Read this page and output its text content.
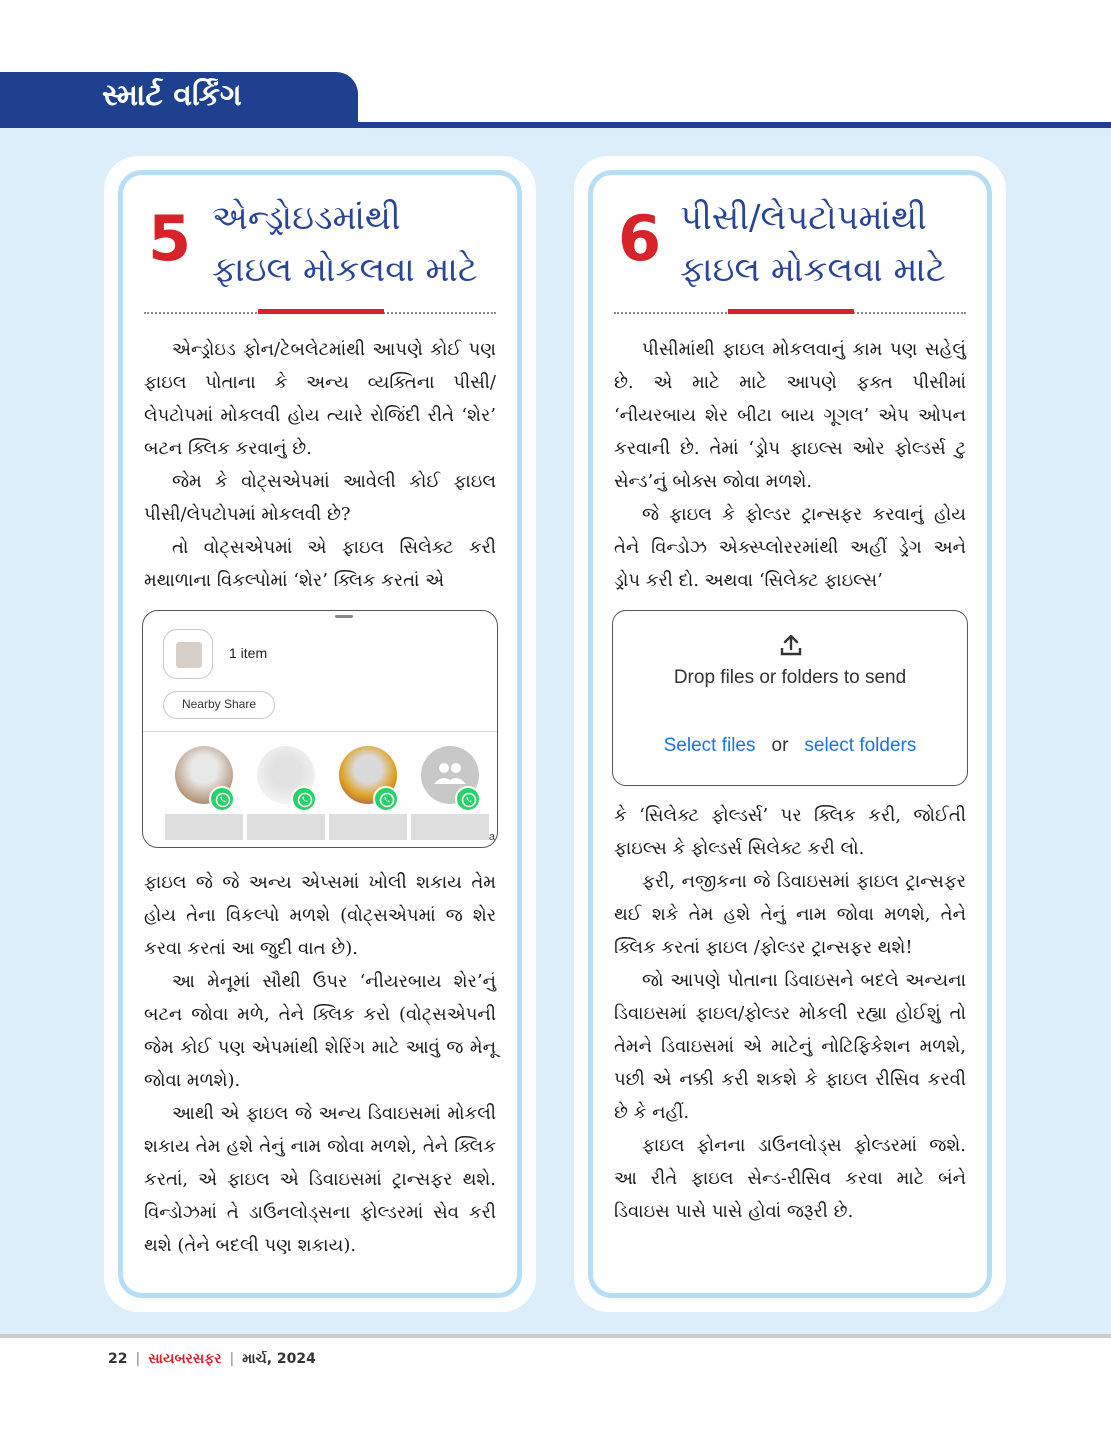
સ્માર્ટ વર્કિંગ
5 એન્ડ્રોઇડમાંથી
ફાઇલ મોકલવા માટે

એન્ડ્રોઇડ ફોન/ટેબલેટમાંથી આપણે કોઈ પણ ફાઇલ પોતાના કે અન્ય વ્યક્તિના પીસી/ લેપટોપમાં મોકલવી હોય ત્યારે રોજિંદી રીતે ‘શેર’ બટન ક્લિક કરવાનું છે.

જેમ કે વોટ્સએપમાં આવેલી કોઈ ફાઇલ પીસી/લેપટોપમાં મોકલવી છે?

તો વોટ્સએપમાં એ ફાઇલ સિલેક્ટ કરી મથાળાના વિકલ્પોમાં ‘શેર’ ક્લિક કરતાં એ

1 item
Nearby Share
a

ફાઇલ જે જે અન્ય એપ્સમાં ખોલી શકાય તેમ હોય તેના વિકલ્પો મળશે (વોટ્સએપમાં જ શેર કરવા કરતાં આ જુદી વાત છે).

આ મેનૂમાં સૌથી ઉપર ‘નીયરબાય શેર’નું બટન જોવા મળે, તેને ક્લિક કરો (વોટ્સએપની જેમ કોઈ પણ એપમાંથી શેરિંગ માટે આવું જ મેનૂ જોવા મળશે).

આથી એ ફાઇલ જે અન્ય ડિવાઇસમાં મોકલી શકાય તેમ હશે તેનું નામ જોવા મળશે, તેને ક્લિક કરતાં, એ ફાઇલ એ ડિવાઇસમાં ટ્રાન્સફર થશે. વિન્ડોઝમાં તે ડાઉનલોડ્સના ફોલ્ડરમાં સેવ કરી થશે (તેને બદલી પણ શકાય).

6 પીસી/લેપટોપમાંથી
ફાઇલ મોકલવા માટે

પીસીમાંથી ફાઇલ મોકલવાનું કામ પણ સહેલું છે. એ માટે માટે આપણે ફક્ત પીસીમાં ‘નીયરબાય શેર બીટા બાય ગૂગલ’ એપ ઓપન કરવાની છે. તેમાં ‘ડ્રોપ ફાઇલ્સ ઓર ફોલ્ડર્સ ટુ સેન્ડ’નું બોક્સ જોવા મળશે.

જે ફાઇલ કે ફોલ્ડર ટ્રાન્સફર કરવાનું હોય તેને વિન્ડોઝ એક્સ્પ્લોરરમાંથી અહીં ડ્રેગ અને ડ્રોપ કરી દો. અથવા ‘સિલેક્ટ ફાઇલ્સ’

Drop files or folders to send
Select files or select folders

કે ‘સિલેક્ટ ફોલ્ડર્સ’ પર ક્લિક કરી, જોઈતી ફાઇલ્સ કે ફોલ્ડર્સ સિલેક્ટ કરી લો.

ફરી, નજીકના જે ડિવાઇસમાં ફાઇલ ટ્રાન્સફર થઈ શકે તેમ હશે તેનું નામ જોવા મળશે, તેને ક્લિક કરતાં ફાઇલ /ફોલ્ડર ટ્રાન્સફર થશે!

જો આપણે પોતાના ડિવાઇસને બદલે અન્યના ડિવાઇસમાં ફાઇલ/ફોલ્ડર મોકલી રહ્યા હોઈશું તો તેમને ડિવાઇસમાં એ માટેનું નોટિફિકેશન મળશે, પછી એ નક્કી કરી શકશે કે ફાઇલ રીસિવ કરવી છે કે નહીં.

ફાઇલ ફોનના ડાઉનલોડ્સ ફોલ્ડરમાં જશે. આ રીતે ફાઇલ સેન્ડ-રીસિવ કરવા માટે બંને ડિવાઇસ પાસે પાસે હોવાં જરૂરી છે.

22 | સાયબરસફર | માર્ચ, 2024
